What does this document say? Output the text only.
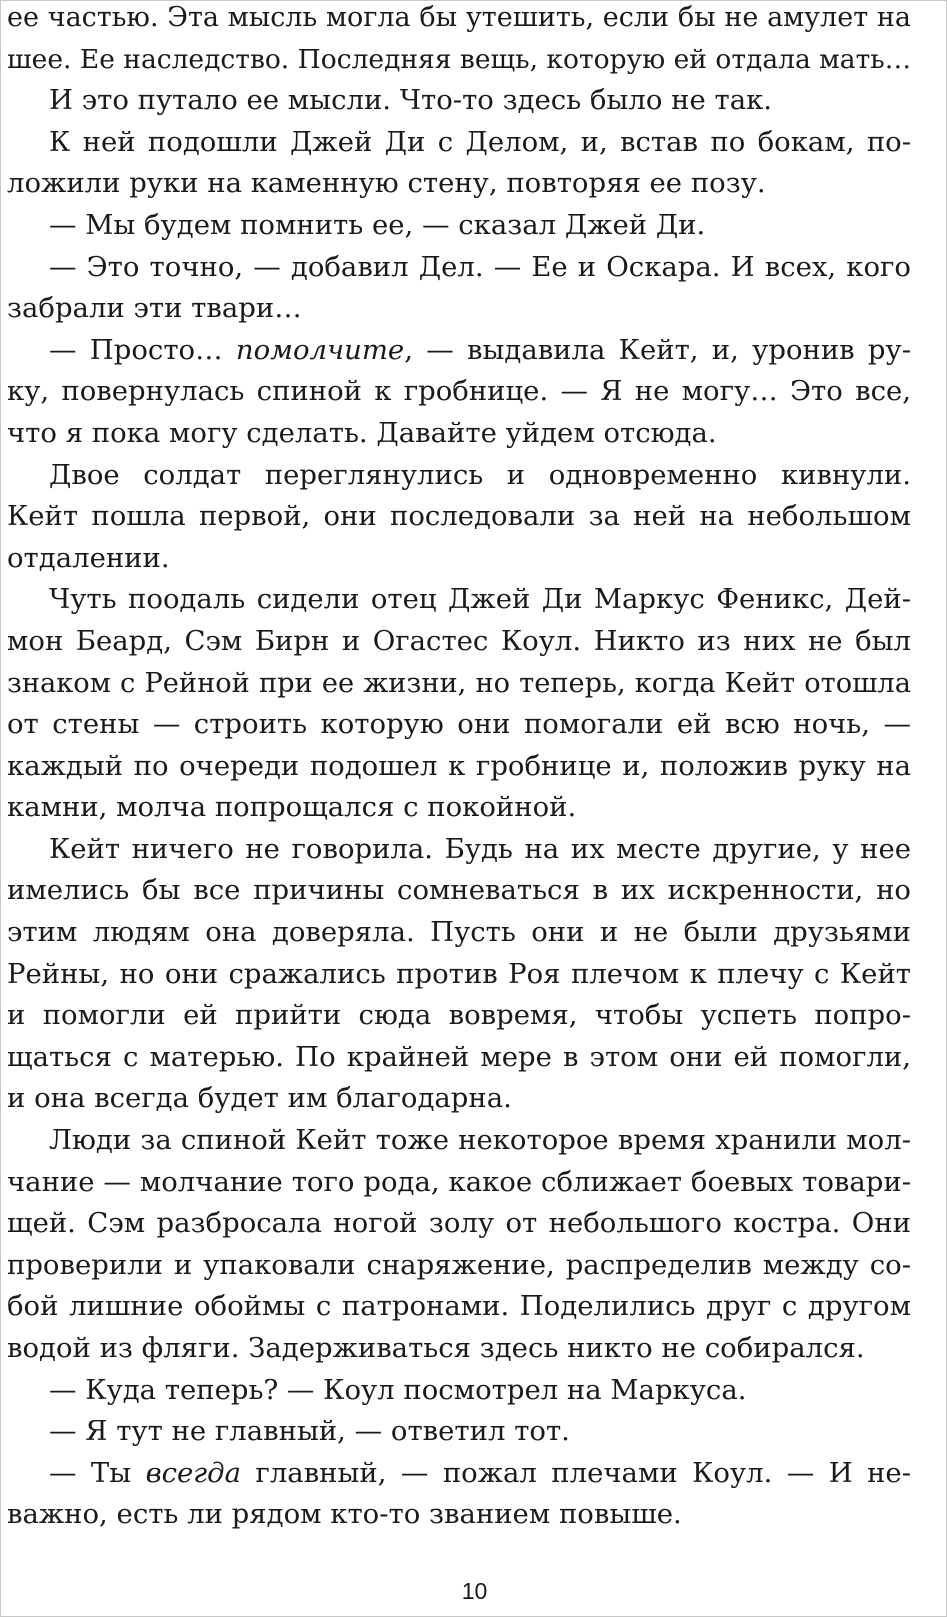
ее частью. Эта мысль могла бы утешить, если бы не амулет на
шее. Ее наследство. Последняя вещь, которую ей отдала мать…
И это путало ее мысли. Что-то здесь было не так.
К ней подошли Джей Ди с Делом, и, встав по бокам, по-
ложили руки на каменную стену, повторяя ее позу.
— Мы будем помнить ее, — сказал Джей Ди.
— Это точно, — добавил Дел. — Ее и Оскара. И всех, кого
забрали эти твари…
— Просто… помолчите, — выдавила Кейт, и, уронив ру-
ку, повернулась спиной к гробнице. — Я не могу… Это все,
что я пока могу сделать. Давайте уйдем отсюда.
Двое солдат переглянулись и одновременно кивнули.
Кейт пошла первой, они последовали за ней на небольшом
отдалении.
Чуть поодаль сидели отец Джей Ди Маркус Феникс, Дей-
мон Беард, Сэм Бирн и Огастес Коул. Никто из них не был
знаком с Рейной при ее жизни, но теперь, когда Кейт отошла
от стены — строить которую они помогали ей всю ночь, —
каждый по очереди подошел к гробнице и, положив руку на
камни, молча попрощался с покойной.
Кейт ничего не говорила. Будь на их месте другие, у нее
имелись бы все причины сомневаться в их искренности, но
этим людям она доверяла. Пусть они и не были друзьями
Рейны, но они сражались против Роя плечом к плечу с Кейт
и помогли ей прийти сюда вовремя, чтобы успеть попро-
щаться с матерью. По крайней мере в этом они ей помогли,
и она всегда будет им благодарна.
Люди за спиной Кейт тоже некоторое время хранили мол-
чание — молчание того рода, какое сближает боевых товари-
щей. Сэм разбросала ногой золу от небольшого костра. Они
проверили и упаковали снаряжение, распределив между со-
бой лишние обоймы с патронами. Поделились друг с другом
водой из фляги. Задерживаться здесь никто не собирался.
— Куда теперь? — Коул посмотрел на Маркуса.
— Я тут не главный, — ответил тот.
— Ты всегда главный, — пожал плечами Коул. — И не-
важно, есть ли рядом кто-то званием повыше.
10
